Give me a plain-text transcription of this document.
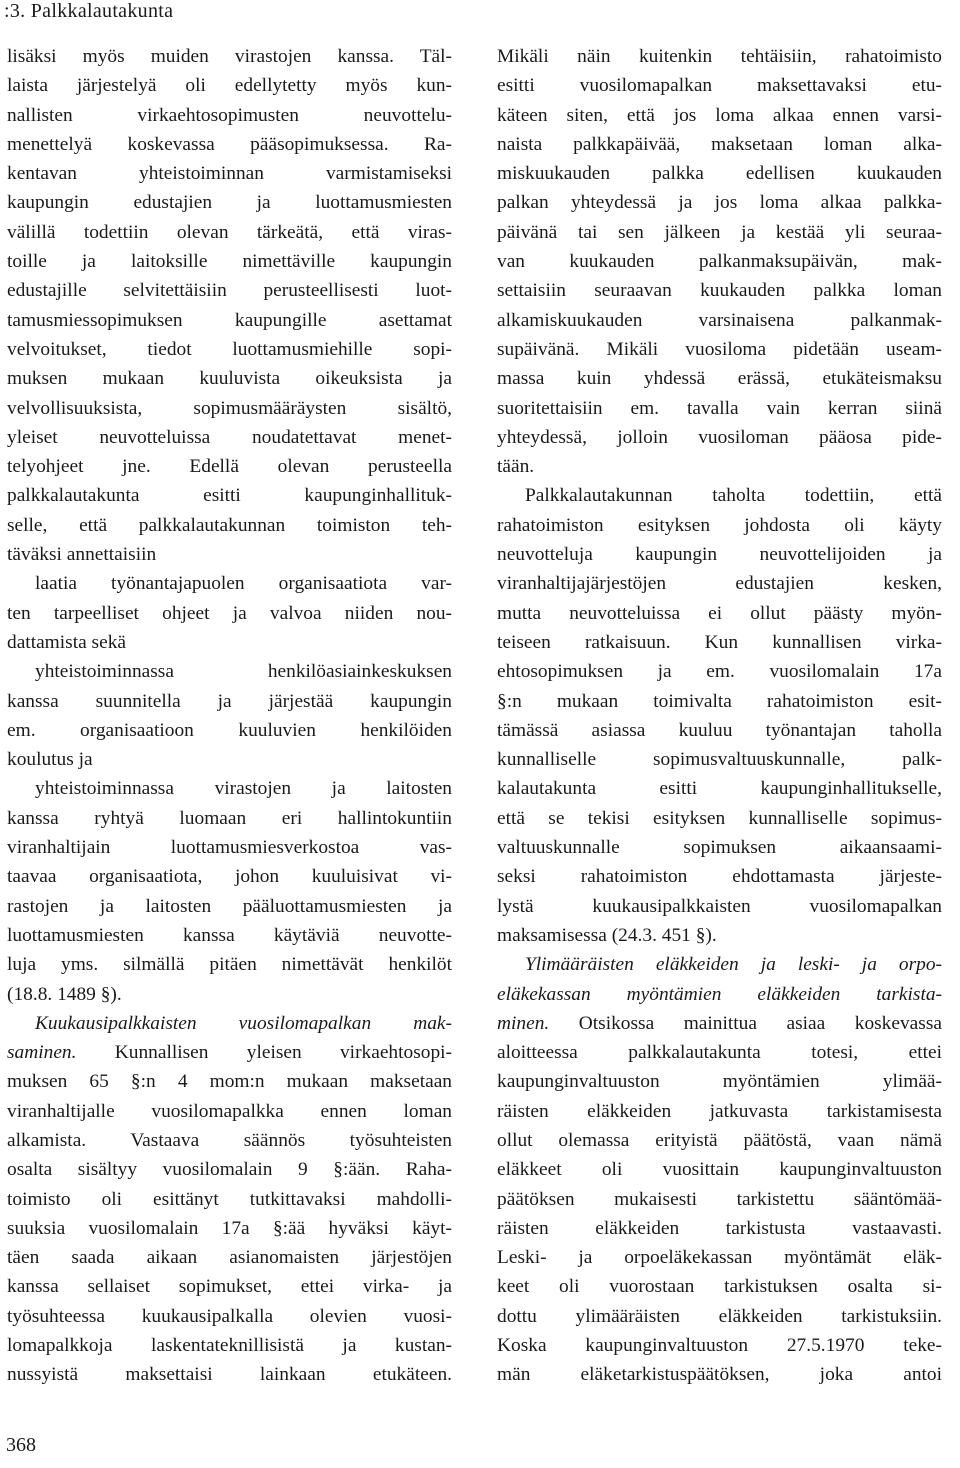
:3. Palkkalautakunta
lisäksi myös muiden virastojen kanssa. Täl-
laista järjestelyä oli edellytetty myös kun-
nallisten virkaehtosopimusten neuvottelu-
menettelyä koskevassa pääsopimuksessa. Ra-
kentavan yhteistoiminnan varmistamiseksi
kaupungin edustajien ja luottamusmiesten
välillä todettiin olevan tärkeätä, että viras-
toille ja laitoksille nimettäville kaupungin
edustajille selvitettäisiin perusteellisesti luot-
tamusmiessopimuksen kaupungille asettamat
velvoitukset, tiedot luottamusmiehille sopi-
muksen mukaan kuuluvista oikeuksista ja
velvollisuuksista, sopimusmääräysten sisältö,
yleiset neuvotteluissa noudatettavat menet-
telyohjeet jne. Edellä olevan perusteella
palkkalautakunta esitti kaupunginhallituk-
selle, että palkkalautakunnan toimiston teh-
täväksi annettaisiin
laatia työnantajapuolen organisaatiota var-
ten tarpeelliset ohjeet ja valvoa niiden nou-
dattamista sekä
yhteistoiminnassa henkilöasiainkeskuksen
kanssa suunnitella ja järjestää kaupungin
em. organisaatioon kuuluvien henkilöiden
koulutus ja
yhteistoiminnassa virastojen ja laitosten
kanssa ryhtyä luomaan eri hallintokuntiin
viranhaltijain luottamusmiesverkostoa vas-
taavaa organisaatiota, johon kuuluisivat vi-
rastojen ja laitosten pääluottamusmiesten ja
luottamusmiesten kanssa käytäviä neuvotte-
luja yms. silmällä pitäen nimettävät henkilöt
(18.8. 1489 §).
Kuukausipalkkaisten vuosilomapalkan mak-
saminen. Kunnallisen yleisen virkaehtosopi-
muksen 65 §:n 4 mom:n mukaan maksetaan
viranhaltijalle vuosilomapalkka ennen loman
alkamista. Vastaava säännös työsuhteisten
osalta sisältyy vuosilomalain 9 §:ään. Raha-
toimisto oli esittänyt tutkittavaksi mahdolli-
suuksia vuosilomalain 17a §:ää hyväksi käyt-
täen saada aikaan asianomaisten järjestöjen
kanssa sellaiset sopimukset, ettei virka- ja
työsuhteessa kuukausipalkalla olevien vuosi-
lomapalkkoja laskentateknillisistä ja kustan-
nussyistä maksettaisi lainkaan etukäteen.
Mikäli näin kuitenkin tehtäisiin, rahatoimisto
esitti vuosilomapalkan maksettavaksi etu-
käteen siten, että jos loma alkaa ennen varsi-
naista palkkapäivää, maksetaan loman alka-
miskuukauden palkka edellisen kuukauden
palkan yhteydessä ja jos loma alkaa palkka-
päivänä tai sen jälkeen ja kestää yli seuraa-
van kuukauden palkanmaksupäivän, mak-
settaisiin seuraavan kuukauden palkka loman
alkamiskuukauden varsinaisena palkanmak-
supäivänä. Mikäli vuosiloma pidetään useam-
massa kuin yhdessä erässä, etukäteismaksu
suoritettaisiin em. tavalla vain kerran siinä
yhteydessä, jolloin vuosiloman pääosa pide-
tään.
Palkkalautakunnan taholta todettiin, että
rahatoimiston esityksen johdosta oli käyty
neuvotteluja kaupungin neuvottelijoiden ja
viranhaltijajärjestöjen edustajien kesken,
mutta neuvotteluissa ei ollut päästy myön-
teiseen ratkaisuun. Kun kunnallisen virka-
ehtosopimuksen ja em. vuosilomalain 17a
§:n mukaan toimivalta rahatoimiston esit-
tämässä asiassa kuuluu työnantajan taholla
kunnalliselle sopimusvaltuuskunnalle, palk-
kalautakunta esitti kaupunginhallitukselle,
että se tekisi esityksen kunnalliselle sopimus-
valtuuskunnalle sopimuksen aikaansaami-
seksi rahatoimiston ehdottamasta järjeste-
lystä kuukausipalkkaisten vuosilomapalkan
maksamisessa (24.3. 451 §).
Ylimääräisten eläkkeiden ja leski- ja orpo-
eläkekassan myöntämien eläkkeiden tarkista-
minen. Otsikossa mainittua asiaa koskevassa
aloitteessa palkkalautakunta totesi, ettei
kaupunginvaltuuston myöntämien ylimää-
räisten eläkkeiden jatkuvasta tarkistamisesta
ollut olemassa erityistä päätöstä, vaan nämä
eläkkeet oli vuosittain kaupunginvaltuuston
päätöksen mukaisesti tarkistettu sääntömää-
räisten eläkkeiden tarkistusta vastaavasti.
Leski- ja orpoeläkekassan myöntämät eläk-
keet oli vuorostaan tarkistuksen osalta si-
dottu ylimääräisten eläkkeiden tarkistuksiin.
Koska kaupunginvaltuuston 27.5.1970 teke-
män eläketarkistuspäätöksen, joka antoi
368
